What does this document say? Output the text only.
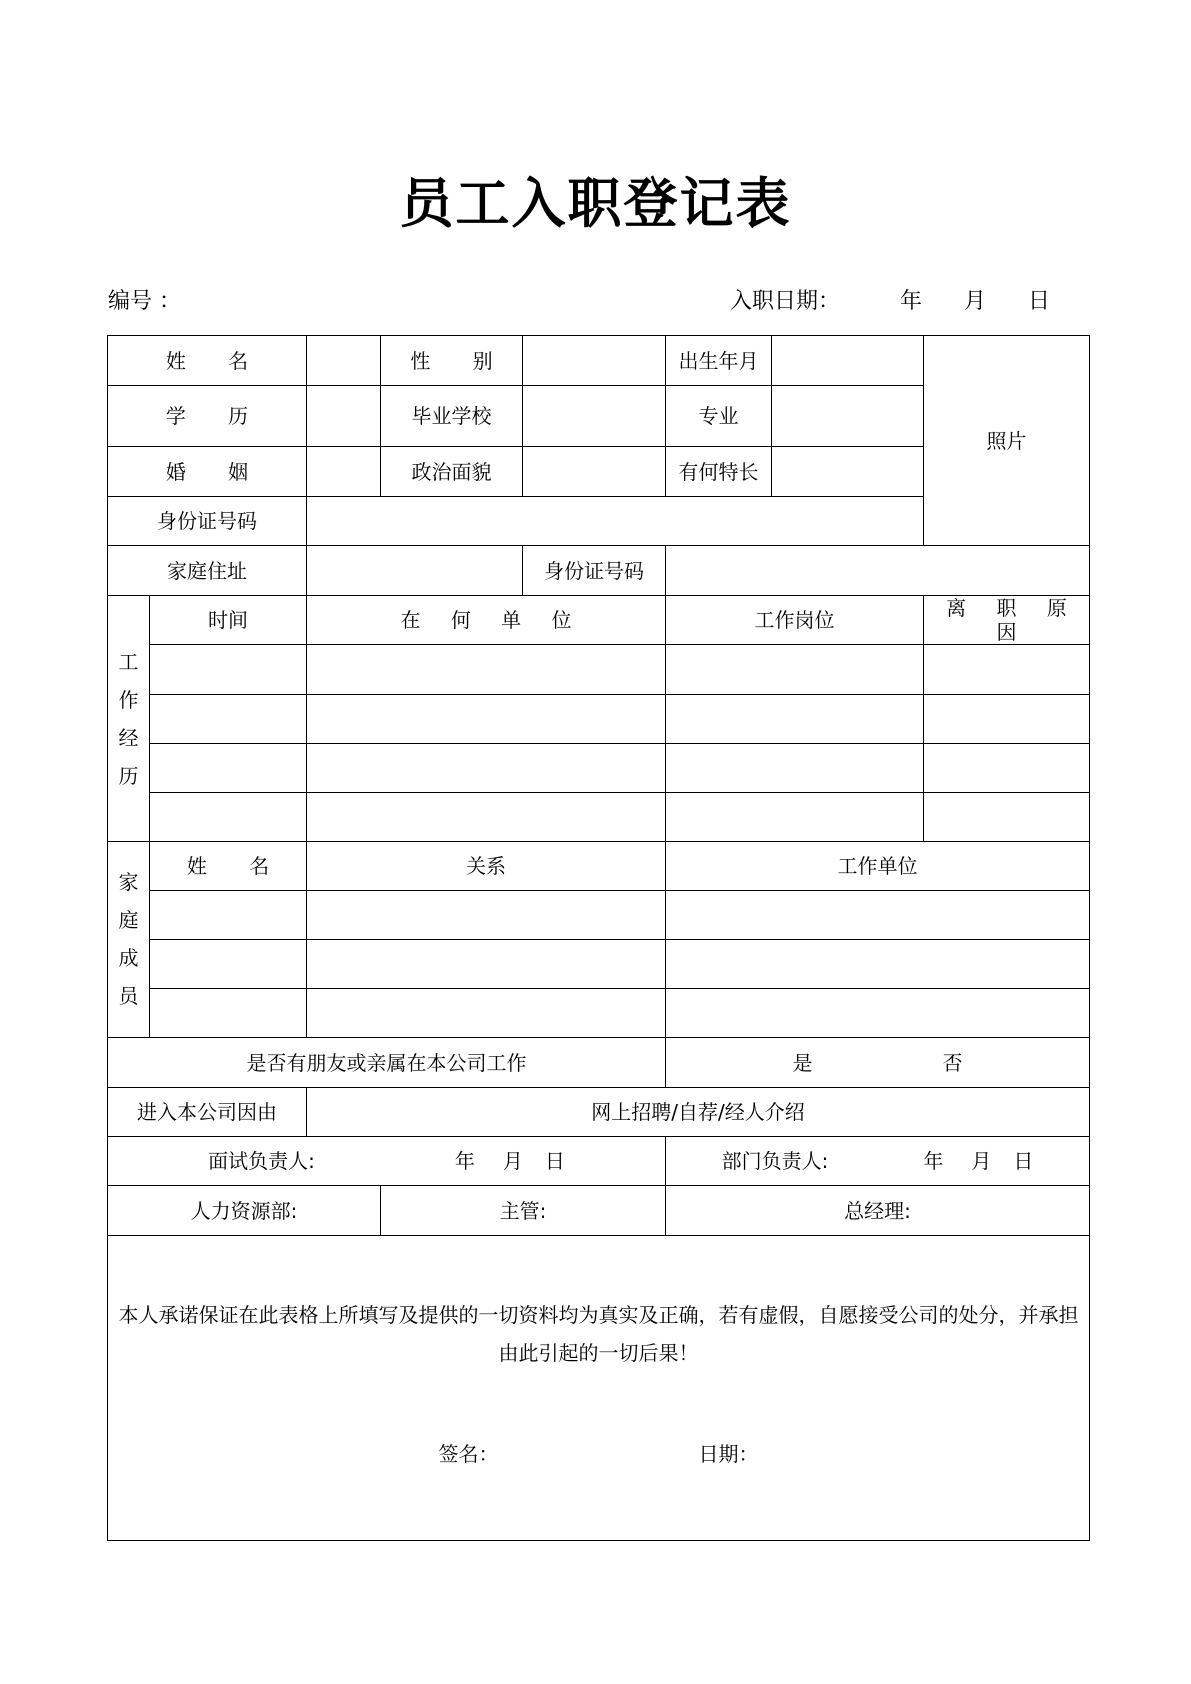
员工入职登记表
编号 ：	入职日期：	年 月 日
姓 名			性 别		出生年月		照片
学 历			毕业学校		专业		
婚 姻			政治面貌		有何特长		
身份证号码							
家庭住址				身份证号码			

工
作
经
历	时间	在 何 单 位			工作岗位		离 职 原 因

家
庭
成
员	姓 名	关系			工作单位		

是否有朋友或亲属在本公司工作					是 否		
进入本公司因由		网上招聘/自荐/经人介绍					
面试负责人: 年 月 日					部门负责人: 年 月 日		
人力资源部:			主管:		总经理:		

本人承诺保证在此表格上所填写及提供的一切资料均为真实及正确，若有虚假，自愿接受公司的处分，并承担由此引起的一切后果！
签名： 日期：							
